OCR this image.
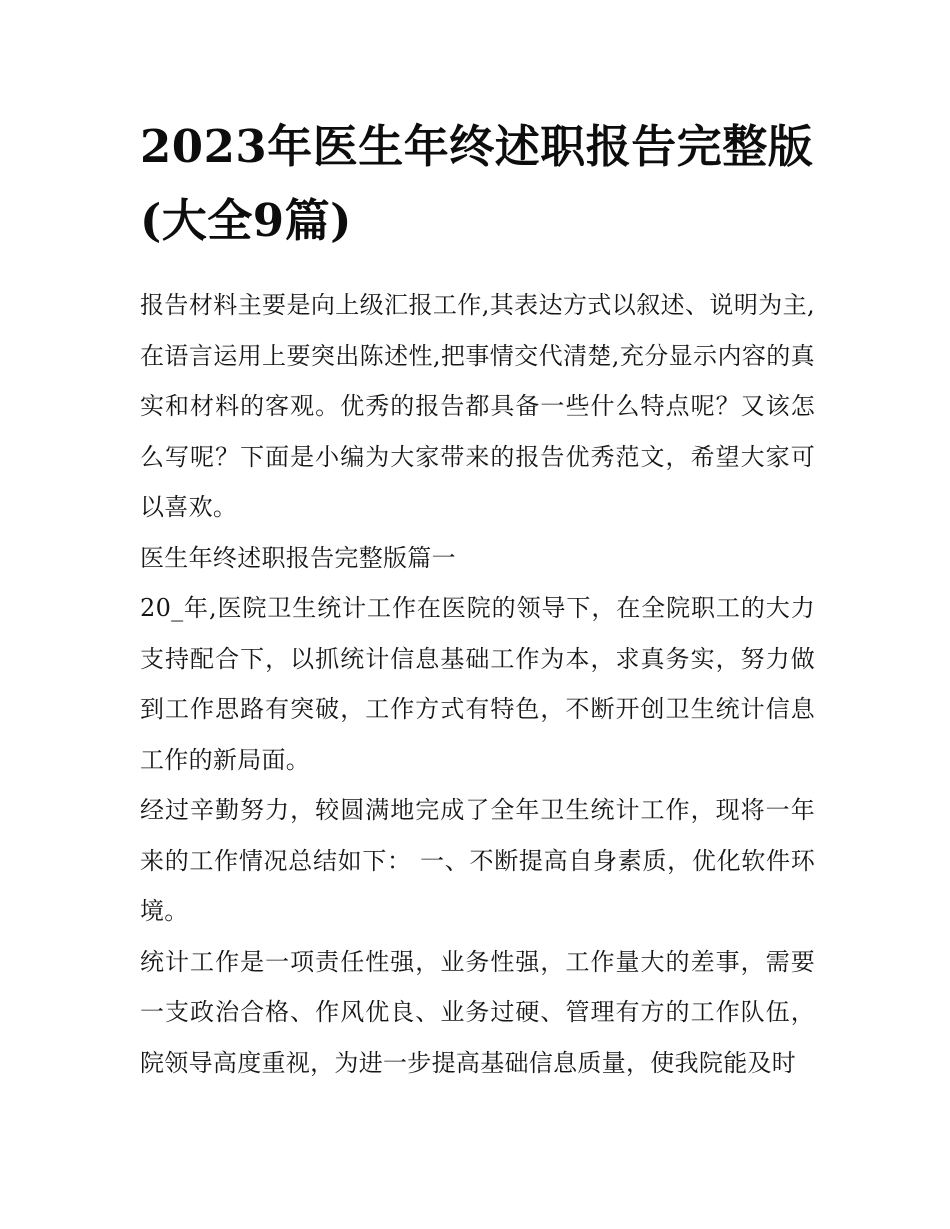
2023年医生年终述职报告完整版(大全9篇)

报告材料主要是向上级汇报工作,其表达方式以叙述、说明为主,在语言运用上要突出陈述性,把事情交代清楚,充分显示内容的真实和材料的客观。优秀的报告都具备一些什么特点呢？又该怎么写呢？下面是小编为大家带来的报告优秀范文，希望大家可以喜欢。

医生年终述职报告完整版篇一

20_年,医院卫生统计工作在医院的领导下，在全院职工的大力支持配合下，以抓统计信息基础工作为本，求真务实，努力做到工作思路有突破，工作方式有特色，不断开创卫生统计信息工作的新局面。

经过辛勤努力，较圆满地完成了全年卫生统计工作，现将一年来的工作情况总结如下： 一、不断提高自身素质，优化软件环境。

统计工作是一项责任性强，业务性强，工作量大的差事，需要一支政治合格、作风优良、业务过硬、管理有方的工作队伍，院领导高度重视，为进一步提高基础信息质量，使我院能及时
